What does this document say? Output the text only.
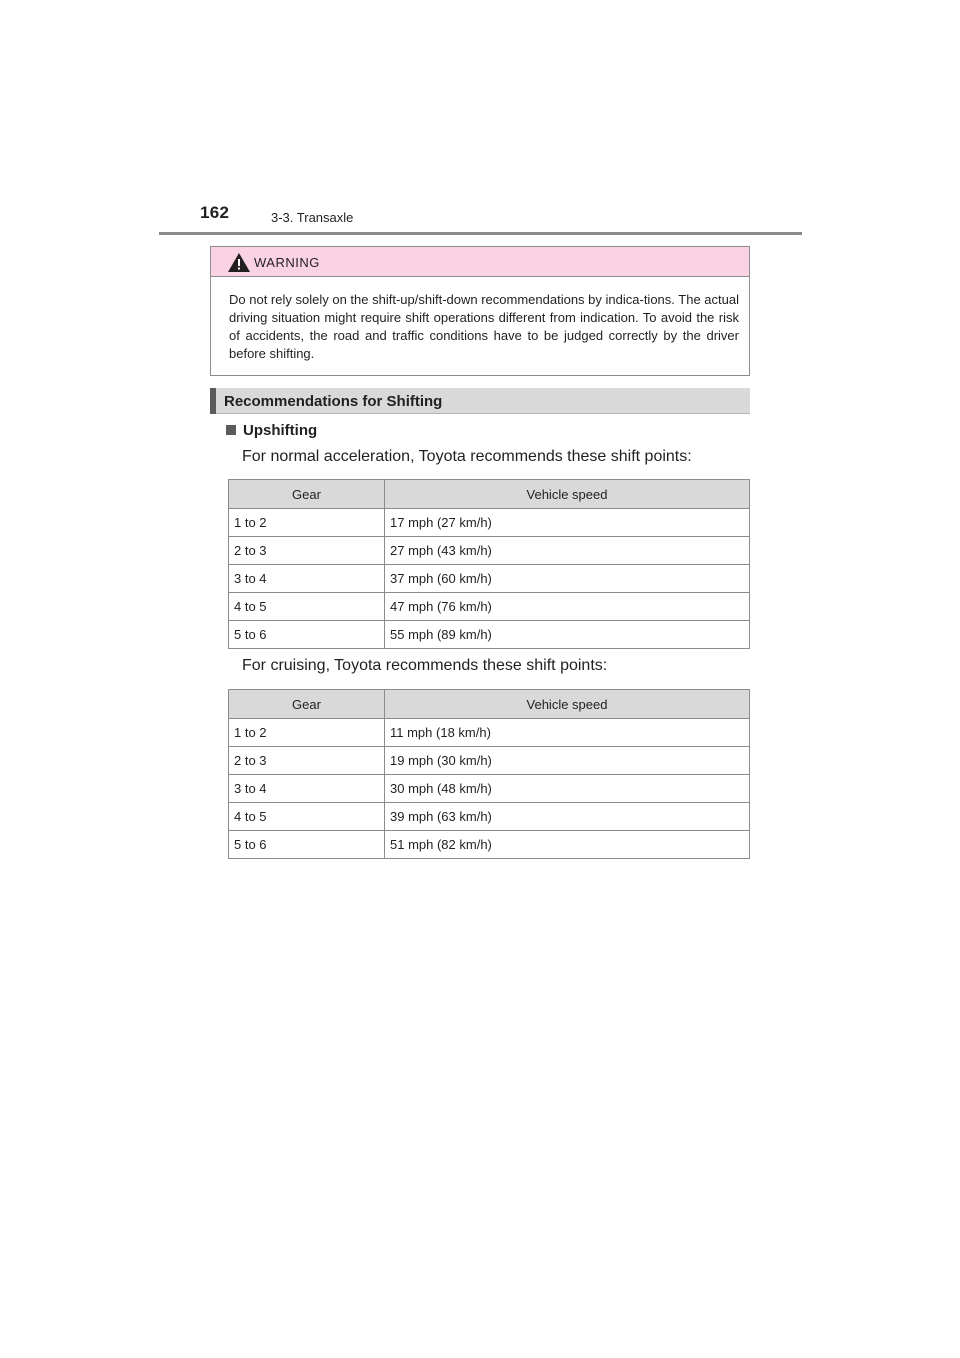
162	3-3. Transaxle
WARNING

Do not rely solely on the shift-up/shift-down recommendations by indica-tions. The actual driving situation might require shift operations different from indication. To avoid the risk of accidents, the road and traffic conditions have to be judged correctly by the driver before shifting.

Recommendations for Shifting
Upshifting

For normal acceleration, Toyota recommends these shift points:

Gear	Vehicle speed
1 to 2	17 mph (27 km/h)
2 to 3	27 mph (43 km/h)
3 to 4	37 mph (60 km/h)
4 to 5	47 mph (76 km/h)
5 to 6	55 mph (89 km/h)

For cruising, Toyota recommends these shift points:

Gear	Vehicle speed
1 to 2	11 mph (18 km/h)
2 to 3	19 mph (30 km/h)
3 to 4	30 mph (48 km/h)
4 to 5	39 mph (63 km/h)
5 to 6	51 mph (82 km/h)
